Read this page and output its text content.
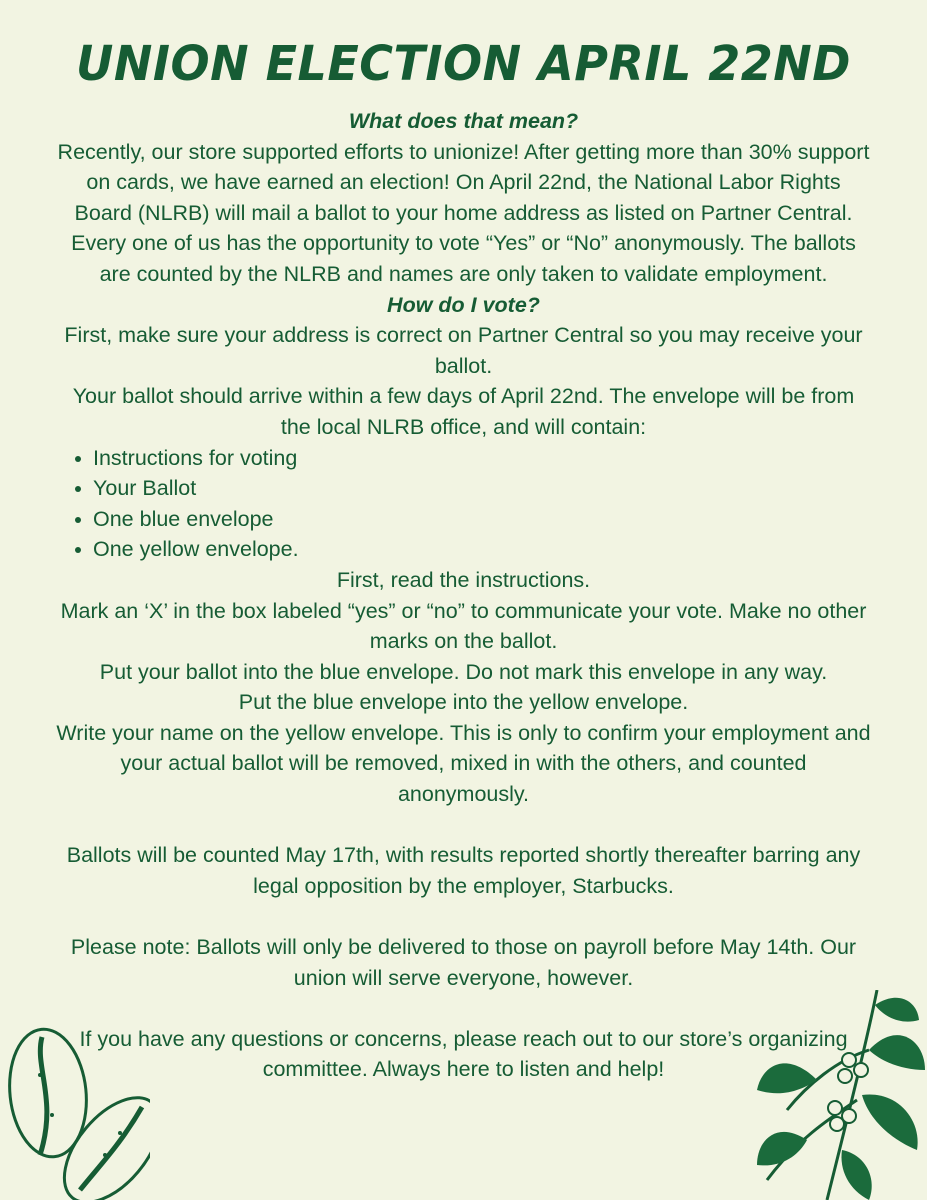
UNION ELECTION APRIL 22ND

What does that mean?

Recently, our store supported efforts to unionize! After getting more than 30% support on cards, we have earned an election! On April 22nd, the National Labor Rights Board (NLRB) will mail a ballot to your home address as listed on Partner Central. Every one of us has the opportunity to vote “Yes” or “No” anonymously. The ballots are counted by the NLRB and names are only taken to validate employment.

How do I vote?

First, make sure your address is correct on Partner Central so you may receive your ballot.

Your ballot should arrive within a few days of April 22nd. The envelope will be from the local NLRB office, and will contain:

Instructions for voting
Your Ballot
One blue envelope
One yellow envelope.

First, read the instructions.

Mark an ‘X’ in the box labeled “yes” or “no” to communicate your vote. Make no other marks on the ballot.

Put your ballot into the blue envelope. Do not mark this envelope in any way.

Put the blue envelope into the yellow envelope.

Write your name on the yellow envelope. This is only to confirm your employment and your actual ballot will be removed, mixed in with the others, and counted anonymously.

Ballots will be counted May 17th, with results reported shortly thereafter barring any legal opposition by the employer, Starbucks.

Please note: Ballots will only be delivered to those on payroll before May 14th. Our union will serve everyone, however.

If you have any questions or concerns, please reach out to our store’s organizing committee. Always here to listen and help!
